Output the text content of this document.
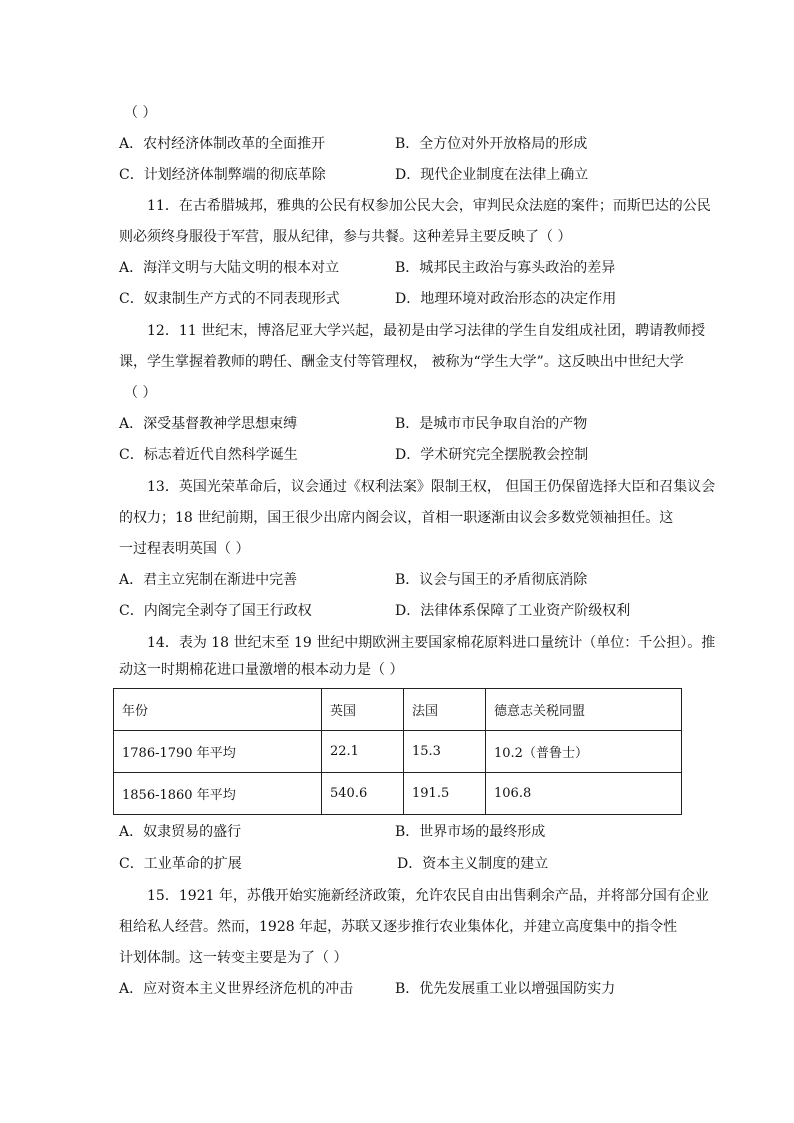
（ ）
A．农村经济体制改革的全面推开	B．全方位对外开放格局的形成
C．计划经济体制弊端的彻底革除	D．现代企业制度在法律上确立
11．在古希腊城邦，雅典的公民有权参加公民大会，审判民众法庭的案件；而斯巴达的公民
则必须终身服役于军营，服从纪律，参与共餐。这种差异主要反映了（ ）
A．海洋文明与大陆文明的根本对立	B．城邦民主政治与寡头政治的差异
C．奴隶制生产方式的不同表现形式	D．地理环境对政治形态的决定作用
12．11 世纪末，博洛尼亚大学兴起，最初是由学习法律的学生自发组成社团，聘请教师授
课，学生掌握着教师的聘任、酬金支付等管理权， 被称为“学生大学”。这反映出中世纪大学
（ ）
A．深受基督教神学思想束缚	B．是城市市民争取自治的产物
C．标志着近代自然科学诞生	D．学术研究完全摆脱教会控制
13．英国光荣革命后，议会通过《权利法案》限制王权， 但国王仍保留选择大臣和召集议会
的权力；18 世纪前期，国王很少出席内阁会议，首相一职逐渐由议会多数党领袖担任。这
一过程表明英国（ ）
A．君主立宪制在渐进中完善	B．议会与国王的矛盾彻底消除
C．内阁完全剥夺了国王行政权	D．法律体系保障了工业资产阶级权利
14．表为 18 世纪末至 19 世纪中期欧洲主要国家棉花原料进口量统计（单位：千公担）。推
动这一时期棉花进口量激增的根本动力是（ ）
年份	英国	法国	德意志关税同盟
1786-1790 年平均	22.1	15.3	10.2（普鲁士）
1856-1860 年平均	540.6	191.5	106.8
A．奴隶贸易的盛行	B．世界市场的最终形成
C．工业革命的扩展	D．资本主义制度的建立
15．1921 年，苏俄开始实施新经济政策，允许农民自由出售剩余产品，并将部分国有企业
租给私人经营。然而，1928 年起，苏联又逐步推行农业集体化，并建立高度集中的指令性
计划体制。这一转变主要是为了（ ）
A．应对资本主义世界经济危机的冲击	B．优先发展重工业以增强国防实力
